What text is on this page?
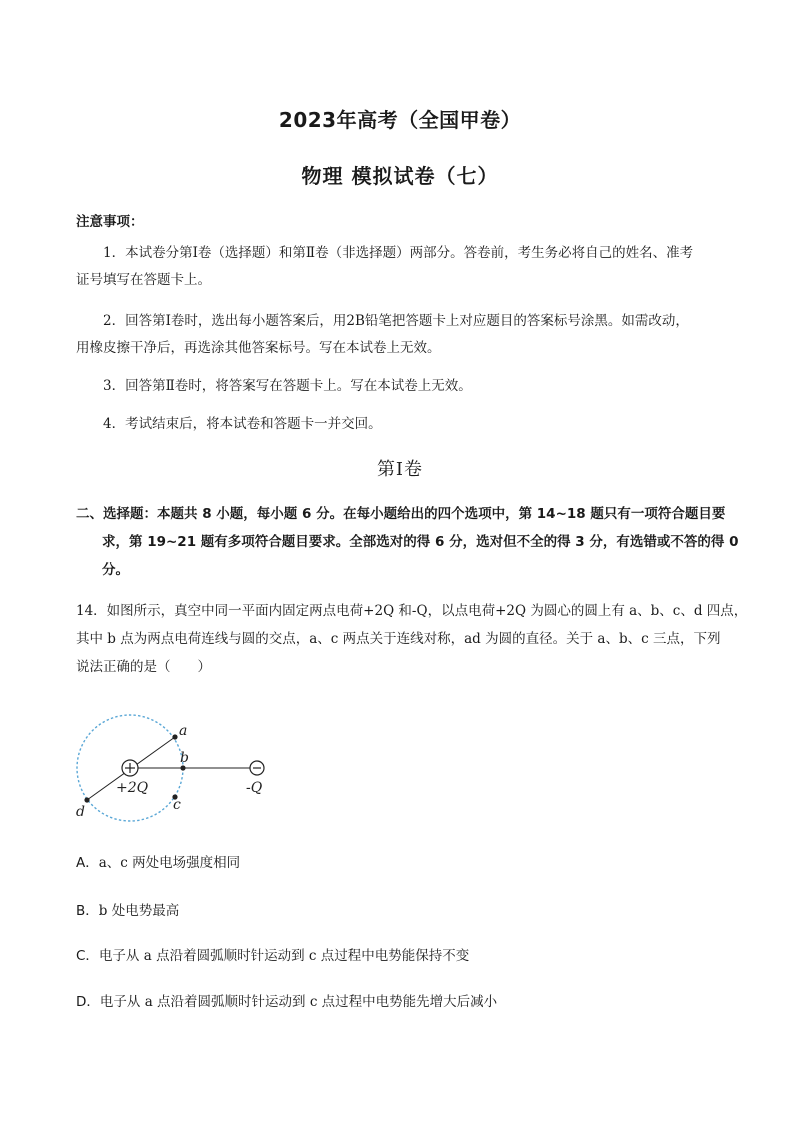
2023年高考（全国甲卷）
物理 模拟试卷（七）
注意事项：
1．本试卷分第Ⅰ卷（选择题）和第Ⅱ卷（非选择题）两部分。答卷前，考生务必将自己的姓名、准考
证号填写在答题卡上。
2．回答第Ⅰ卷时，选出每小题答案后，用2B铅笔把答题卡上对应题目的答案标号涂黑。如需改动，
用橡皮擦干净后，再选涂其他答案标号。写在本试卷上无效。
3．回答第Ⅱ卷时，将答案写在答题卡上。写在本试卷上无效。
4．考试结束后，将本试卷和答题卡一并交回。
第Ⅰ卷
二、选择题：本题共 8 小题，每小题 6 分。在每小题给出的四个选项中，第 14~18 题只有一项符合题目要
求，第 19~21 题有多项符合题目要求。全部选对的得 6 分，选对但不全的得 3 分，有选错或不答的得 0
分。
14．如图所示，真空中同一平面内固定两点电荷+2Q 和-Q，以点电荷+2Q 为圆心的圆上有 a、b、c、d 四点，
其中 b 点为两点电荷连线与圆的交点，a、c 两点关于连线对称，ad 为圆的直径。关于 a、b、c 三点，下列
说法正确的是（　　）
a
b
c
d
+2Q	-Q
A．a、c 两处电场强度相同
B．b 处电势最高
C．电子从 a 点沿着圆弧顺时针运动到 c 点过程中电势能保持不变
D．电子从 a 点沿着圆弧顺时针运动到 c 点过程中电势能先增大后减小
